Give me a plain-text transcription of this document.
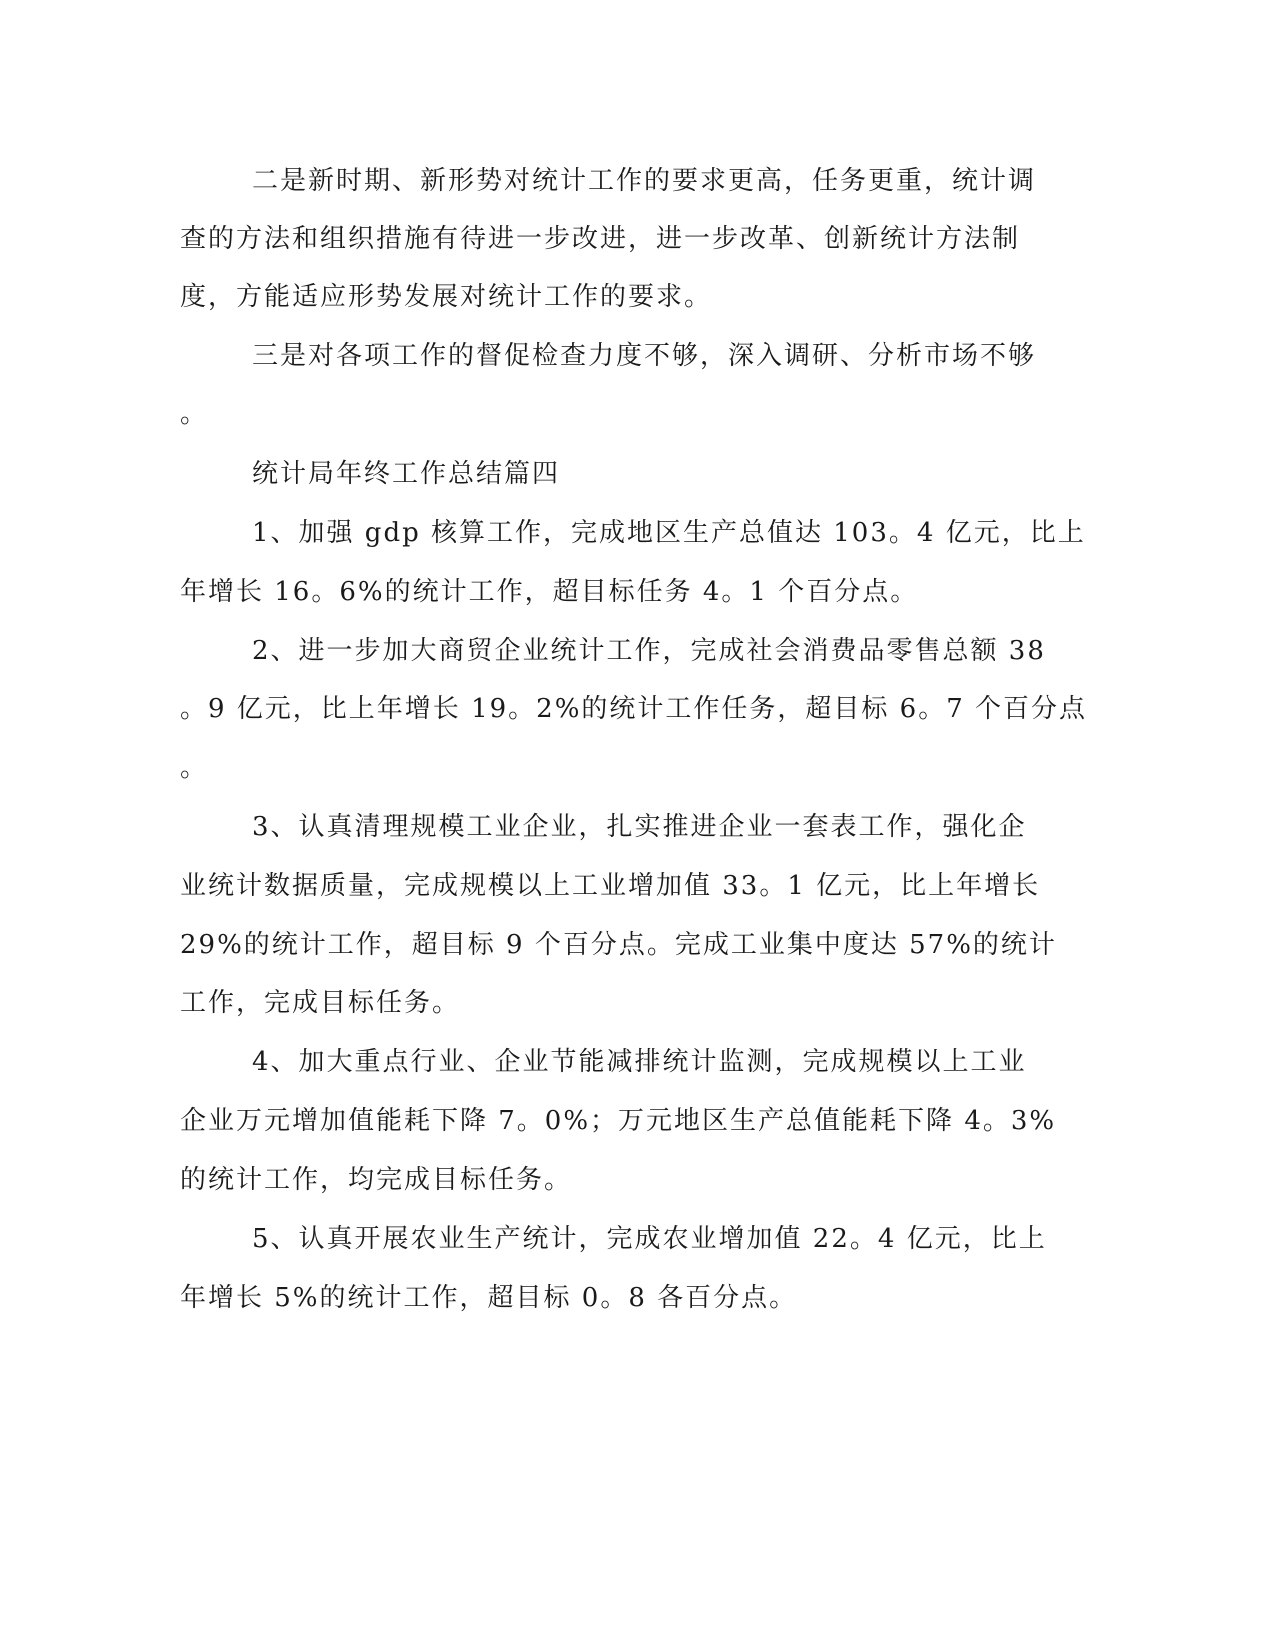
二是新时期、新形势对统计工作的要求更高，任务更重，统计调
查的方法和组织措施有待进一步改进，进一步改革、创新统计方法制
度，方能适应形势发展对统计工作的要求。
三是对各项工作的督促检查力度不够，深入调研、分析市场不够
。
统计局年终工作总结篇四
1、加强 gdp 核算工作，完成地区生产总值达 103。4 亿元，比上
年增长 16。6%的统计工作，超目标任务 4。1 个百分点。
2、进一步加大商贸企业统计工作，完成社会消费品零售总额 38
。9 亿元，比上年增长 19。2%的统计工作任务，超目标 6。7 个百分点
。
3、认真清理规模工业企业，扎实推进企业一套表工作，强化企
业统计数据质量，完成规模以上工业增加值 33。1 亿元，比上年增长
29%的统计工作，超目标 9 个百分点。完成工业集中度达 57%的统计
工作，完成目标任务。
4、加大重点行业、企业节能减排统计监测，完成规模以上工业
企业万元增加值能耗下降 7。0%；万元地区生产总值能耗下降 4。3%
的统计工作，均完成目标任务。
5、认真开展农业生产统计，完成农业增加值 22。4 亿元，比上
年增长 5%的统计工作，超目标 0。8 各百分点。
